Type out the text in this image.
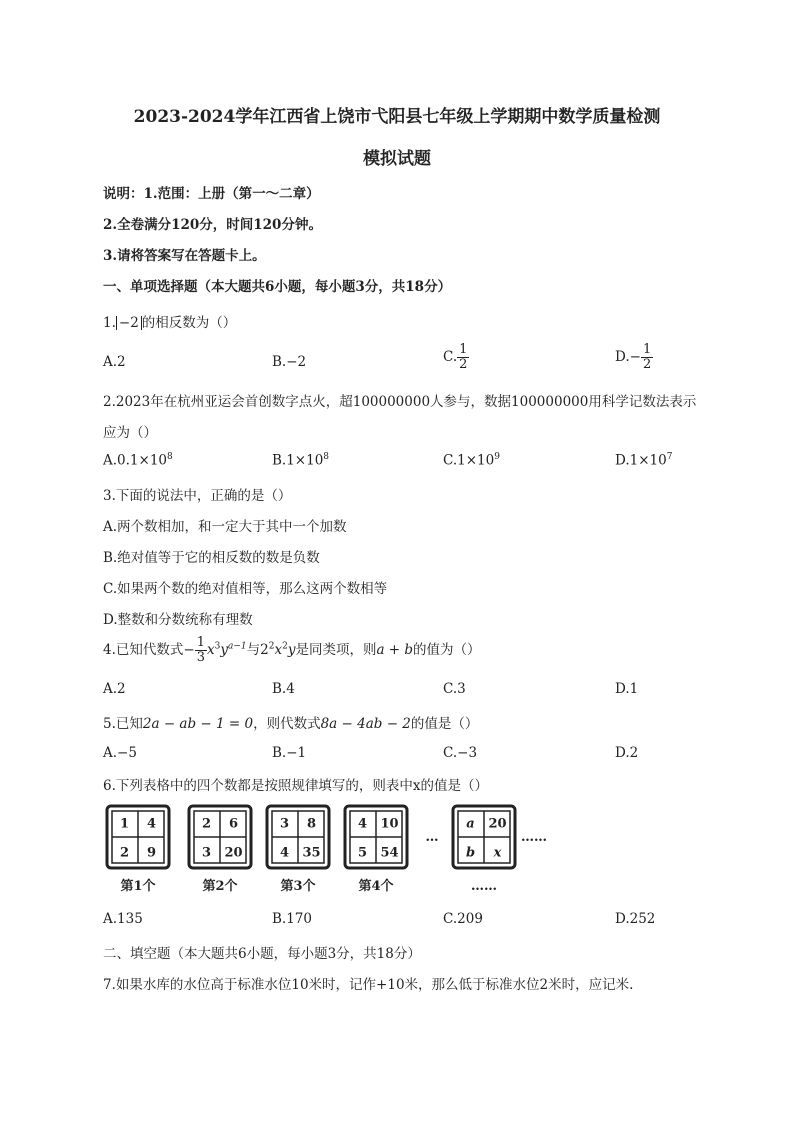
2023-2024学年江西省上饶市弋阳县七年级上学期期中数学质量检测
模拟试题
说明：1.范围：上册（第一～二章）
2.全卷满分120分，时间120分钟。
3.请将答案写在答题卡上。
一、单项选择题（本大题共6小题，每小题3分，共18分）
1. −2 的相反数为（）
A.2	B.−2	C. $\frac{1}{2}$	$D.- \frac{1}{2}$
2.2023年在杭州亚运会首创数字点火，超100000000人参与，数据100000000用科学记数法表示
应为（）
$A.0.1\times 10^8$	$B.1\times 10^8$	$C.1\times 10^9$	$D.1\times 10^7$
3.下面的说法中，正确的是（）
A.两个数相加，和一定大于其中一个加数
B.绝对值等于它的相反数的数是负数
C.如果两个数的绝对值相等，那么这两个数相等
D.整数和分数统称有理数
4.已知代数式− $\frac{1}{3} x^3y^{a-1}$与$2^2x^2y$是同类项，则a + b的值为（）
A.2	B.4	C.3	D.1
5.已知2a − ab − 1 = 0，则代数式8a − 4ab − 2的值是（）
A.−5	B.−1	C.−3	D.2
6.下列表格中的四个数都是按照规律填写的，则表中x的值是（）
1 4
2 9
第1个
2 6
3 20
第2个
3 8
4 35
第3个
4 10
5 54
第4个
a 20
b x
……
…	……
A.135	B.170	C.209	D.252
二、填空题（本大题共6小题，每小题3分，共18分）
7.如果水库的水位高于标准水位10米时，记作+10米，那么低于标准水位2米时，应记米.
